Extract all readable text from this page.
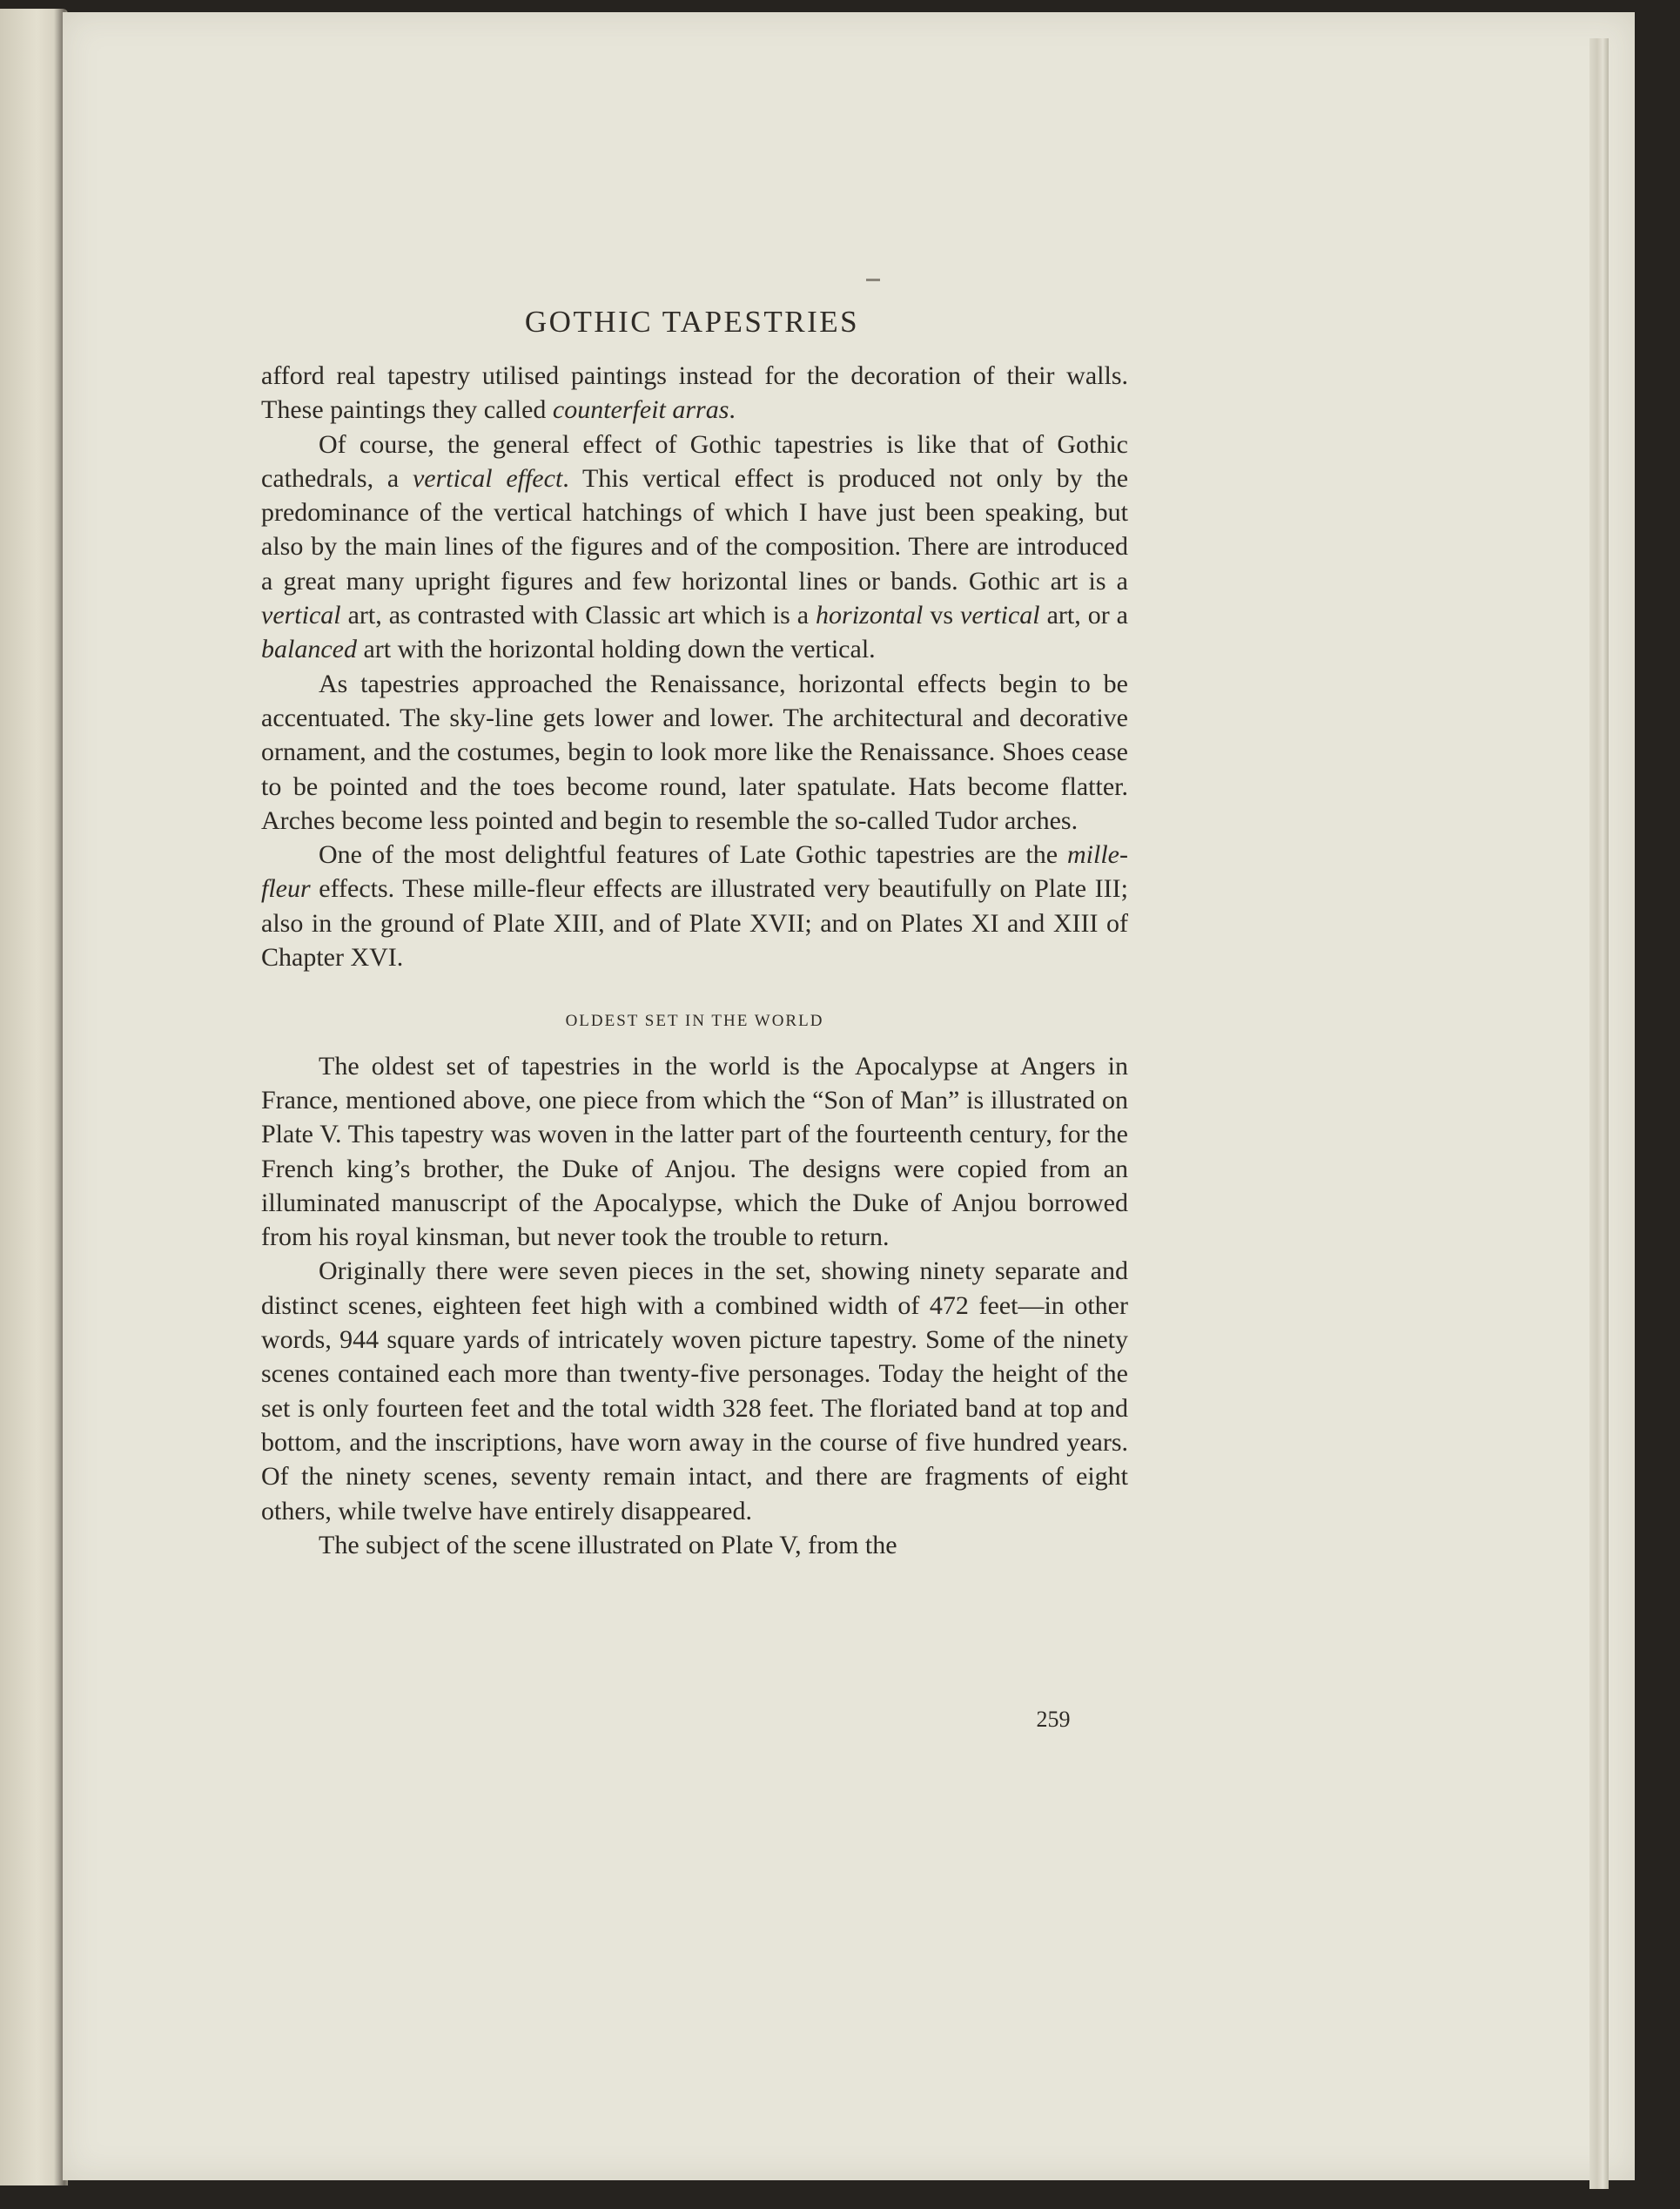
GOTHIC TAPESTRIES

afford real tapestry utilised paintings instead for the decoration of their walls. These paintings they called counterfeit arras.

Of course, the general effect of Gothic tapestries is like that of Gothic cathedrals, a vertical effect. This vertical effect is produced not only by the predominance of the vertical hatchings of which I have just been speaking, but also by the main lines of the figures and of the composition. There are introduced a great many upright figures and few horizontal lines or bands. Gothic art is a vertical art, as contrasted with Classic art which is a horizontal vs vertical art, or a balanced art with the horizontal holding down the vertical.

As tapestries approached the Renaissance, horizontal effects begin to be accentuated. The sky-line gets lower and lower. The architectural and decorative ornament, and the costumes, begin to look more like the Renaissance. Shoes cease to be pointed and the toes become round, later spatulate. Hats become flatter. Arches become less pointed and begin to resemble the so-called Tudor arches.

One of the most delightful features of Late Gothic tapestries are the mille-fleur effects. These mille-fleur effects are illustrated very beautifully on Plate III; also in the ground of Plate XIII, and of Plate XVII; and on Plates XI and XIII of Chapter XVI.

OLDEST SET IN THE WORLD

The oldest set of tapestries in the world is the Apocalypse at Angers in France, mentioned above, one piece from which the “Son of Man” is illustrated on Plate V. This tapestry was woven in the latter part of the fourteenth century, for the French king’s brother, the Duke of Anjou. The designs were copied from an illuminated manuscript of the Apocalypse, which the Duke of Anjou borrowed from his royal kinsman, but never took the trouble to return.

Originally there were seven pieces in the set, showing ninety separate and distinct scenes, eighteen feet high with a combined width of 472 feet—in other words, 944 square yards of intricately woven picture tapestry. Some of the ninety scenes contained each more than twenty-five personages. Today the height of the set is only fourteen feet and the total width 328 feet. The floriated band at top and bottom, and the inscriptions, have worn away in the course of five hundred years. Of the ninety scenes, seventy remain intact, and there are fragments of eight others, while twelve have entirely disappeared.

The subject of the scene illustrated on Plate V, from the

259
